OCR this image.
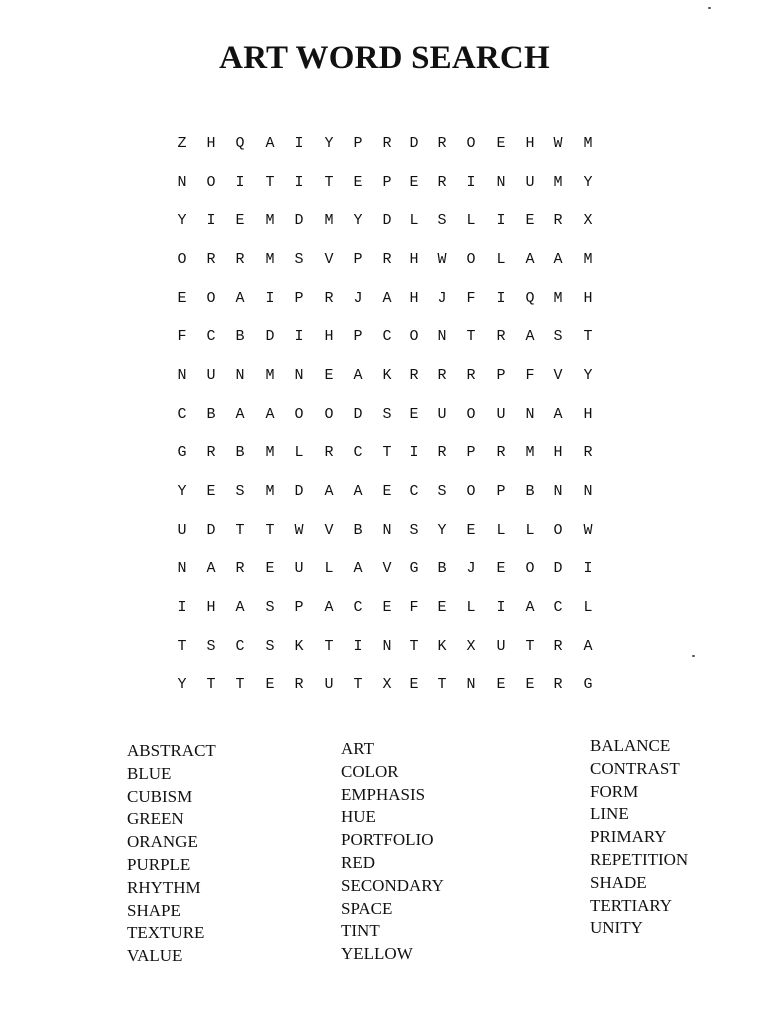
ART WORD SEARCH
Z	H	Q	A	I	Y	P	R	D	R	O	E	H	W	M
N	O	I	T	I	T	E	P	E	R	I	N	U	M	Y
Y	I	E	M	D	M	Y	D	L	S	L	I	E	R	X
O	R	R	M	S	V	P	R	H	W	O	L	A	A	M
E	O	A	I	P	R	J	A	H	J	F	I	Q	M	H
F	C	B	D	I	H	P	C	O	N	T	R	A	S	T
N	U	N	M	N	E	A	K	R	R	R	P	F	V	Y
C	B	A	A	O	O	D	S	E	U	O	U	N	A	H
G	R	B	M	L	R	C	T	I	R	P	R	M	H	R
Y	E	S	M	D	A	A	E	C	S	O	P	B	N	N
U	D	T	T	W	V	B	N	S	Y	E	L	L	O	W
N	A	R	E	U	L	A	V	G	B	J	E	O	D	I
I	H	A	S	P	A	C	E	F	E	L	I	A	C	L
T	S	C	S	K	T	I	N	T	K	X	U	T	R	A
Y	T	T	E	R	U	T	X	E	T	N	E	E	R	G
ABSTRACT
BLUE
CUBISM
GREEN
ORANGE
PURPLE
RHYTHM
SHAPE
TEXTURE
VALUE
ART
COLOR
EMPHASIS
HUE
PORTFOLIO
RED
SECONDARY
SPACE
TINT
YELLOW
BALANCE
CONTRAST
FORM
LINE
PRIMARY
REPETITION
SHADE
TERTIARY
UNITY
